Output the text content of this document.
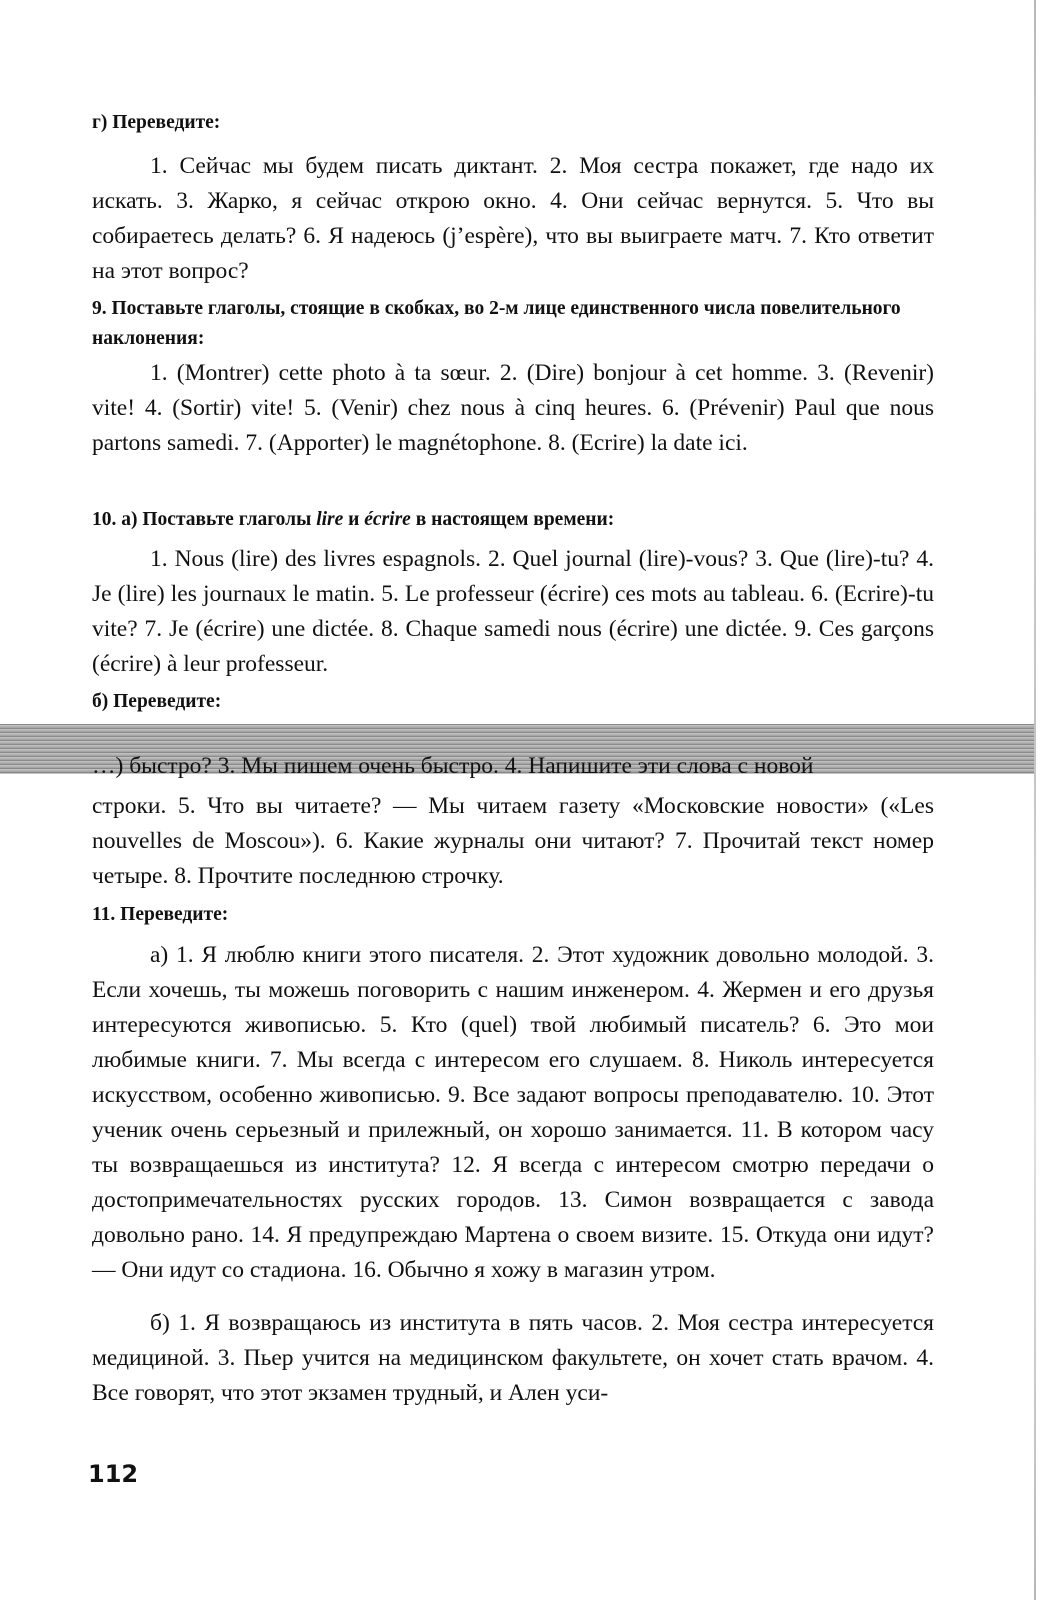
г) Переведите:
1. Сейчас мы будем писать диктант. 2. Моя сестра покажет, где надо их искать. 3. Жарко, я сейчас открою окно. 4. Они сейчас вернутся. 5. Что вы собираетесь делать? 6. Я надеюсь (j’espère), что вы выиграете матч. 7. Кто ответит на этот вопрос?
9. Поставьте глаголы, стоящие в скобках, во 2-м лице единственного числа повелительного наклонения:
1. (Montrer) cette photo à ta sœur. 2. (Dire) bonjour à cet homme. 3. (Revenir) vite! 4. (Sortir) vite! 5. (Venir) chez nous à cinq heures. 6. (Prévenir) Paul que nous partons samedi. 7. (Apporter) le magnétophone. 8. (Ecrire) la date ici.
10. а) Поставьте глаголы lire и écrire в настоящем времени:
1. Nous (lire) des livres espagnols. 2. Quel journal (lire)-vous? 3. Que (lire)-tu? 4. Je (lire) les journaux le matin. 5. Le professeur (écrire) ces mots au tableau. 6. (Ecrire)-tu vite? 7. Je (écrire) une dictée. 8. Chaque samedi nous (écrire) une dictée. 9. Ces garçons (écrire) à leur professeur.
б) Переведите:
…) быстро? 3. Мы пишем очень быстро. 4. Напишите эти слова с новой
строки. 5. Что вы читаете? — Мы читаем газету «Московские новости» («Les nouvelles de Moscou»). 6. Какие журналы они читают? 7. Прочитай текст номер четыре. 8. Прочтите последнюю строчку.
11. Переведите:
а) 1. Я люблю книги этого писателя. 2. Этот художник довольно молодой. 3. Если хочешь, ты можешь поговорить с нашим инженером. 4. Жермен и его друзья интересуются живописью. 5. Кто (quel) твой любимый писатель? 6. Это мои любимые книги. 7. Мы всегда с интересом его слушаем. 8. Николь интересуется искусством, особенно живописью. 9. Все задают вопросы преподавателю. 10. Этот ученик очень серьезный и прилежный, он хорошо занимается. 11. В котором часу ты возвращаешься из института? 12. Я всегда с интересом смотрю передачи о достопримечательностях русских городов. 13. Симон возвращается с завода довольно рано. 14. Я предупреждаю Мартена о своем визите. 15. Откуда они идут? — Они идут со стадиона. 16. Обычно я хожу в магазин утром.
б) 1. Я возвращаюсь из института в пять часов. 2. Моя сестра интересуется медициной. 3. Пьер учится на медицинском факультете, он хочет стать врачом. 4. Все говорят, что этот экзамен трудный, и Ален уси-
112
